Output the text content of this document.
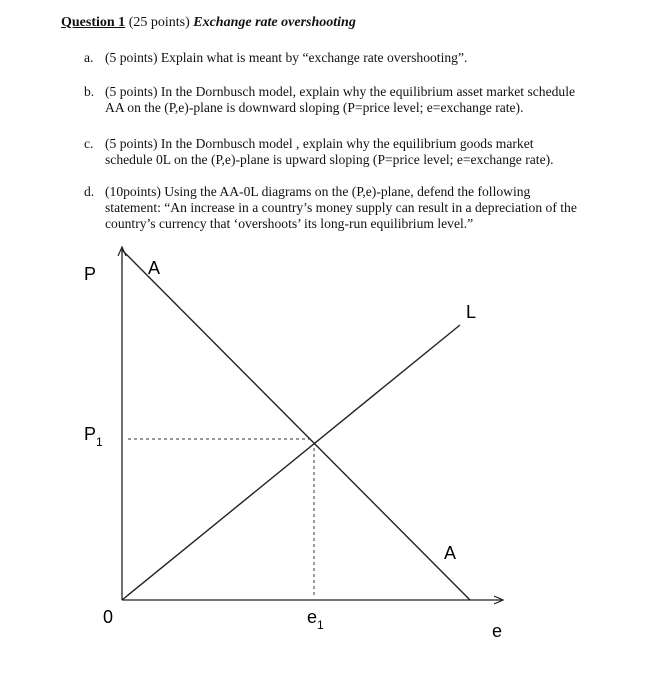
Question 1 (25 points) Exchange rate overshooting
a. (5 points) Explain what is meant by “exchange rate overshooting”.
b. (5 points) In the Dornbusch model, explain why the equilibrium asset market schedule
AA on the (P,e)-plane is downward sloping (P=price level; e=exchange rate).
c. (5 points) In the Dornbusch model , explain why the equilibrium goods market
schedule 0L on the (P,e)-plane is upward sloping (P=price level; e=exchange rate).
d. (10points) Using the AA-0L diagrams on the (P,e)-plane, defend the following
statement: “An increase in a country’s money supply can result in a depreciation of the
country’s currency that ‘overshoots’ its long-run equilibrium level.”
P
e
0
A
A
L
$P_1$
$e_1$
